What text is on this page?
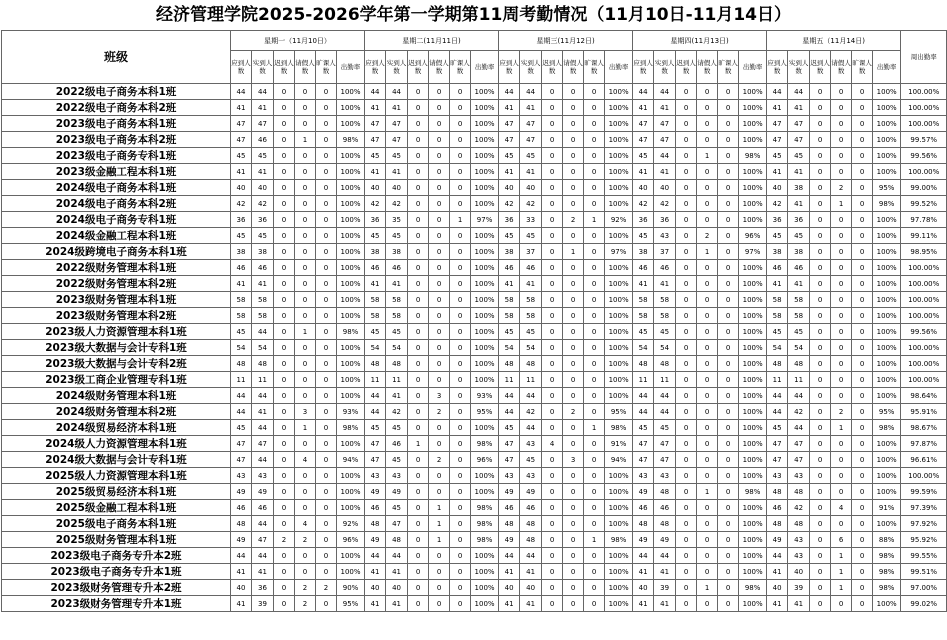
经济管理学院2025-2026学年第一学期第11周考勤情况（11月10日-11月14日）
班级	星期一（11月10日）						星期二(11月11日)						星期三(11月12日)						星期四(11月13日)						星期五（11月14日)						周出勤率
	应到人数	实到人数	迟到人数	请假人数	旷课人数	出勤率	应到人数	实到人数	迟到人数	请假人数	旷课人数	出勤率	应到人数	实到人数	迟到人数	请假人数	旷课人数	出勤率	应到人数	实到人数	迟到人数	请假人数	旷课人数	出勤率	应到人数	实到人数	迟到人数	请假人数	旷课人数	出勤率	
2022级电子商务本科1班	44	44	0	0	0	100%	44	44	0	0	0	100%	44	44	0	0	0	100%	44	44	0	0	0	100%	44	44	0	0	0	100%	100.00%
2022级电子商务本科2班	41	41	0	0	0	100%	41	41	0	0	0	100%	41	41	0	0	0	100%	41	41	0	0	0	100%	41	41	0	0	0	100%	100.00%
2023级电子商务本科1班	47	47	0	0	0	100%	47	47	0	0	0	100%	47	47	0	0	0	100%	47	47	0	0	0	100%	47	47	0	0	0	100%	100.00%
2023级电子商务本科2班	47	46	0	1	0	98%	47	47	0	0	0	100%	47	47	0	0	0	100%	47	47	0	0	0	100%	47	47	0	0	0	100%	99.57%
2023级电子商务专科1班	45	45	0	0	0	100%	45	45	0	0	0	100%	45	45	0	0	0	100%	45	44	0	1	0	98%	45	45	0	0	0	100%	99.56%
2023级金融工程本科1班	41	41	0	0	0	100%	41	41	0	0	0	100%	41	41	0	0	0	100%	41	41	0	0	0	100%	41	41	0	0	0	100%	100.00%
2024级电子商务本科1班	40	40	0	0	0	100%	40	40	0	0	0	100%	40	40	0	0	0	100%	40	40	0	0	0	100%	40	38	0	2	0	95%	99.00%
2024级电子商务本科2班	42	42	0	0	0	100%	42	42	0	0	0	100%	42	42	0	0	0	100%	42	42	0	0	0	100%	42	41	0	1	0	98%	99.52%
2024级电子商务专科1班	36	36	0	0	0	100%	36	35	0	0	1	97%	36	33	0	2	1	92%	36	36	0	0	0	100%	36	36	0	0	0	100%	97.78%
2024级金融工程本科1班	45	45	0	0	0	100%	45	45	0	0	0	100%	45	45	0	0	0	100%	45	43	0	2	0	96%	45	45	0	0	0	100%	99.11%
2024级跨境电子商务本科1班	38	38	0	0	0	100%	38	38	0	0	0	100%	38	37	0	1	0	97%	38	37	0	1	0	97%	38	38	0	0	0	100%	98.95%
2022级财务管理本科1班	46	46	0	0	0	100%	46	46	0	0	0	100%	46	46	0	0	0	100%	46	46	0	0	0	100%	46	46	0	0	0	100%	100.00%
2022级财务管理本科2班	41	41	0	0	0	100%	41	41	0	0	0	100%	41	41	0	0	0	100%	41	41	0	0	0	100%	41	41	0	0	0	100%	100.00%
2023级财务管理本科1班	58	58	0	0	0	100%	58	58	0	0	0	100%	58	58	0	0	0	100%	58	58	0	0	0	100%	58	58	0	0	0	100%	100.00%
2023级财务管理本科2班	58	58	0	0	0	100%	58	58	0	0	0	100%	58	58	0	0	0	100%	58	58	0	0	0	100%	58	58	0	0	0	100%	100.00%
2023级人力资源管理本科1班	45	44	0	1	0	98%	45	45	0	0	0	100%	45	45	0	0	0	100%	45	45	0	0	0	100%	45	45	0	0	0	100%	99.56%
2023级大数据与会计专科1班	54	54	0	0	0	100%	54	54	0	0	0	100%	54	54	0	0	0	100%	54	54	0	0	0	100%	54	54	0	0	0	100%	100.00%
2023级大数据与会计专科2班	48	48	0	0	0	100%	48	48	0	0	0	100%	48	48	0	0	0	100%	48	48	0	0	0	100%	48	48	0	0	0	100%	100.00%
2023级工商企业管理专科1班	11	11	0	0	0	100%	11	11	0	0	0	100%	11	11	0	0	0	100%	11	11	0	0	0	100%	11	11	0	0	0	100%	100.00%
2024级财务管理本科1班	44	44	0	0	0	100%	44	41	0	3	0	93%	44	44	0	0	0	100%	44	44	0	0	0	100%	44	44	0	0	0	100%	98.64%
2024级财务管理本科2班	44	41	0	3	0	93%	44	42	0	2	0	95%	44	42	0	2	0	95%	44	44	0	0	0	100%	44	42	0	2	0	95%	95.91%
2024级贸易经济本科1班	45	44	0	1	0	98%	45	45	0	0	0	100%	45	44	0	0	1	98%	45	45	0	0	0	100%	45	44	0	1	0	98%	98.67%
2024级人力资源管理本科1班	47	47	0	0	0	100%	47	46	1	0	0	98%	47	43	4	0	0	91%	47	47	0	0	0	100%	47	47	0	0	0	100%	97.87%
2024级大数据与会计专科1班	47	44	0	4	0	94%	47	45	0	2	0	96%	47	45	0	3	0	94%	47	47	0	0	0	100%	47	47	0	0	0	100%	96.61%
2025级人力资源管理本科1班	43	43	0	0	0	100%	43	43	0	0	0	100%	43	43	0	0	0	100%	43	43	0	0	0	100%	43	43	0	0	0	100%	100.00%
2025级贸易经济本科1班	49	49	0	0	0	100%	49	49	0	0	0	100%	49	49	0	0	0	100%	49	48	0	1	0	98%	48	48	0	0	0	100%	99.59%
2025级金融工程本科1班	46	46	0	0	0	100%	46	45	0	1	0	98%	46	46	0	0	0	100%	46	46	0	0	0	100%	46	42	0	4	0	91%	97.39%
2025级电子商务本科1班	48	44	0	4	0	92%	48	47	0	1	0	98%	48	48	0	0	0	100%	48	48	0	0	0	100%	48	48	0	0	0	100%	97.92%
2025级财务管理本科1班	49	47	2	2	0	96%	49	48	0	1	0	98%	49	48	0	0	1	98%	49	49	0	0	0	100%	49	43	0	6	0	88%	95.92%
2023级电子商务专升本2班	44	44	0	0	0	100%	44	44	0	0	0	100%	44	44	0	0	0	100%	44	44	0	0	0	100%	44	43	0	1	0	98%	99.55%
2023级电子商务专升本1班	41	41	0	0	0	100%	41	41	0	0	0	100%	41	41	0	0	0	100%	41	41	0	0	0	100%	41	40	0	1	0	98%	99.51%
2023级财务管理专升本2班	40	36	0	2	2	90%	40	40	0	0	0	100%	40	40	0	0	0	100%	40	39	0	1	0	98%	40	39	0	1	0	98%	97.00%
2023级财务管理专升本1班	41	39	0	2	0	95%	41	41	0	0	0	100%	41	41	0	0	0	100%	41	41	0	0	0	100%	41	41	0	0	0	100%	99.02%
